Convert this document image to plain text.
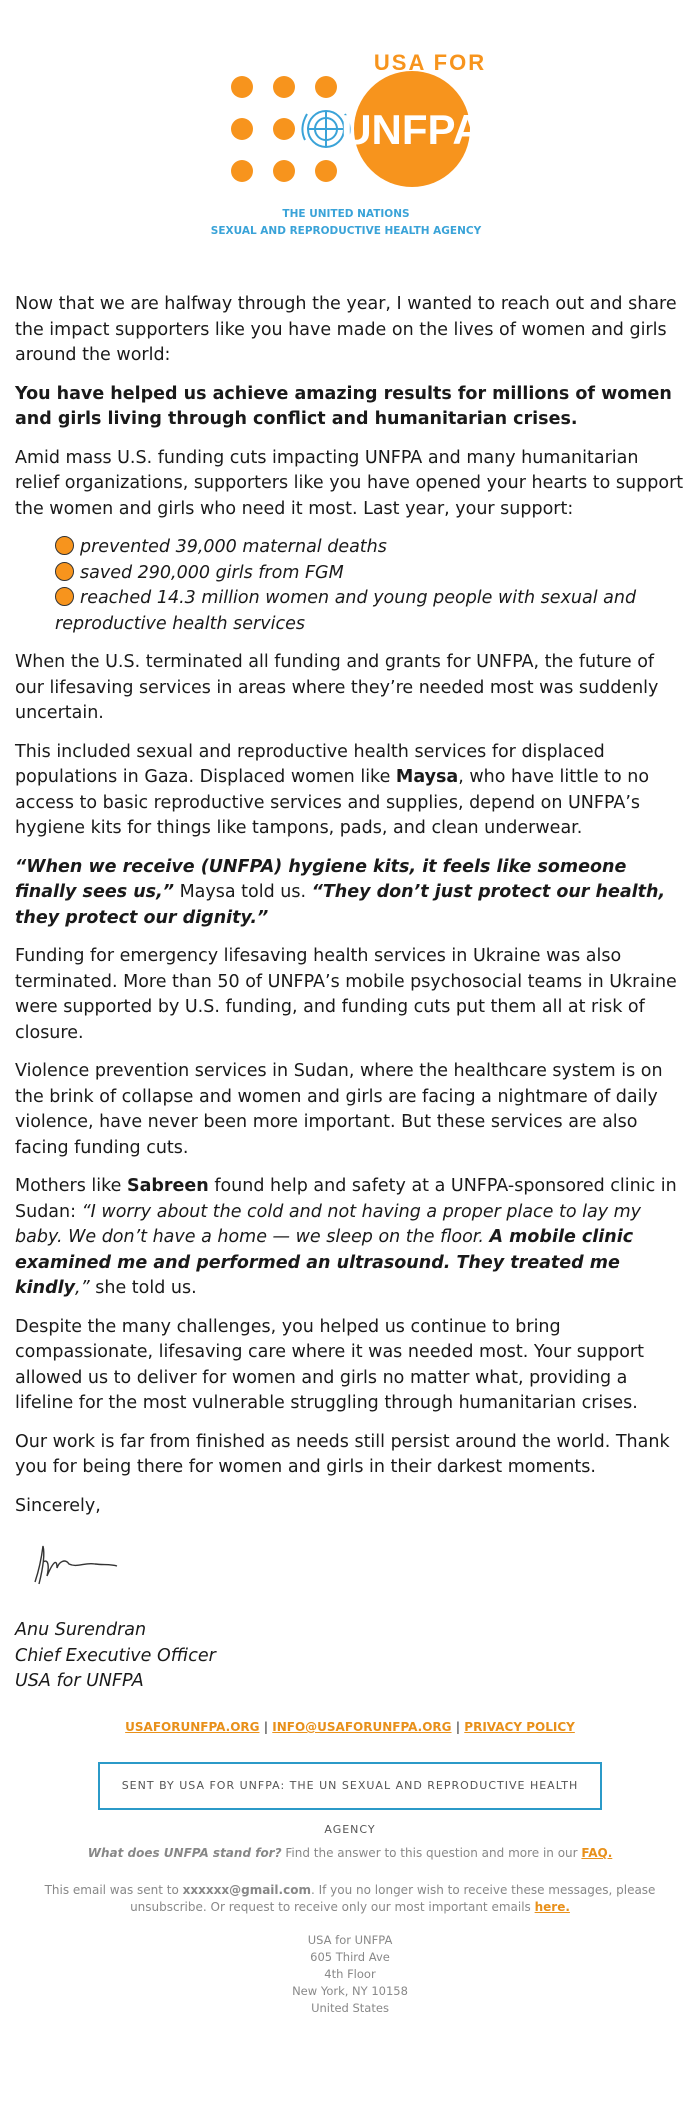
USA FOR
UNFPA
THE UNITED NATIONS
SEXUAL AND REPRODUCTIVE HEALTH AGENCY

Now that we are halfway through the year, I wanted to reach out and share the impact supporters like you have made on the lives of women and girls around the world:

You have helped us achieve amazing results for millions of women and girls living through conflict and humanitarian crises.

Amid mass U.S. funding cuts impacting UNFPA and many humanitarian relief organizations, supporters like you have opened your hearts to support the women and girls who need it most. Last year, your support:

prevented 39,000 maternal deaths
saved 290,000 girls from FGM
reached 14.3 million women and young people with sexual and reproductive health services

When the U.S. terminated all funding and grants for UNFPA, the future of our lifesaving services in areas where they’re needed most was suddenly uncertain.

This included sexual and reproductive health services for displaced populations in Gaza. Displaced women like Maysa, who have little to no access to basic reproductive services and supplies, depend on UNFPA’s hygiene kits for things like tampons, pads, and clean underwear.

“When we receive (UNFPA) hygiene kits, it feels like someone finally sees us,” Maysa told us. “They don’t just protect our health, they protect our dignity.”

Funding for emergency lifesaving health services in Ukraine was also terminated. More than 50 of UNFPA’s mobile psychosocial teams in Ukraine were supported by U.S. funding, and funding cuts put them all at risk of closure.

Violence prevention services in Sudan, where the healthcare system is on the brink of collapse and women and girls are facing a nightmare of daily violence, have never been more important. But these services are also facing funding cuts.

Mothers like Sabreen found help and safety at a UNFPA-sponsored clinic in Sudan: “I worry about the cold and not having a proper place to lay my baby. We don’t have a home — we sleep on the floor. A mobile clinic examined me and performed an ultrasound. They treated me kindly,” she told us.

Despite the many challenges, you helped us continue to bring compassionate, lifesaving care where it was needed most. Your support allowed us to deliver for women and girls no matter what, providing a lifeline for the most vulnerable struggling through humanitarian crises.

Our work is far from finished as needs still persist around the world. Thank you for being there for women and girls in their darkest moments.

Sincerely,

Anu Surendran
Chief Executive Officer
USA for UNFPA
USAFORUNFPA.ORG | INFO@USAFORUNFPA.ORG | PRIVACY POLICY
SENT BY USA FOR UNFPA: THE UN SEXUAL AND REPRODUCTIVE HEALTH AGENCY
What does UNFPA stand for? Find the answer to this question and more in our FAQ.
This email was sent to xxxxxx@gmail.com. If you no longer wish to receive these messages, please unsubscribe. Or request to receive only our most important emails here.
USA for UNFPA
605 Third Ave
4th Floor
New York, NY 10158
United States
